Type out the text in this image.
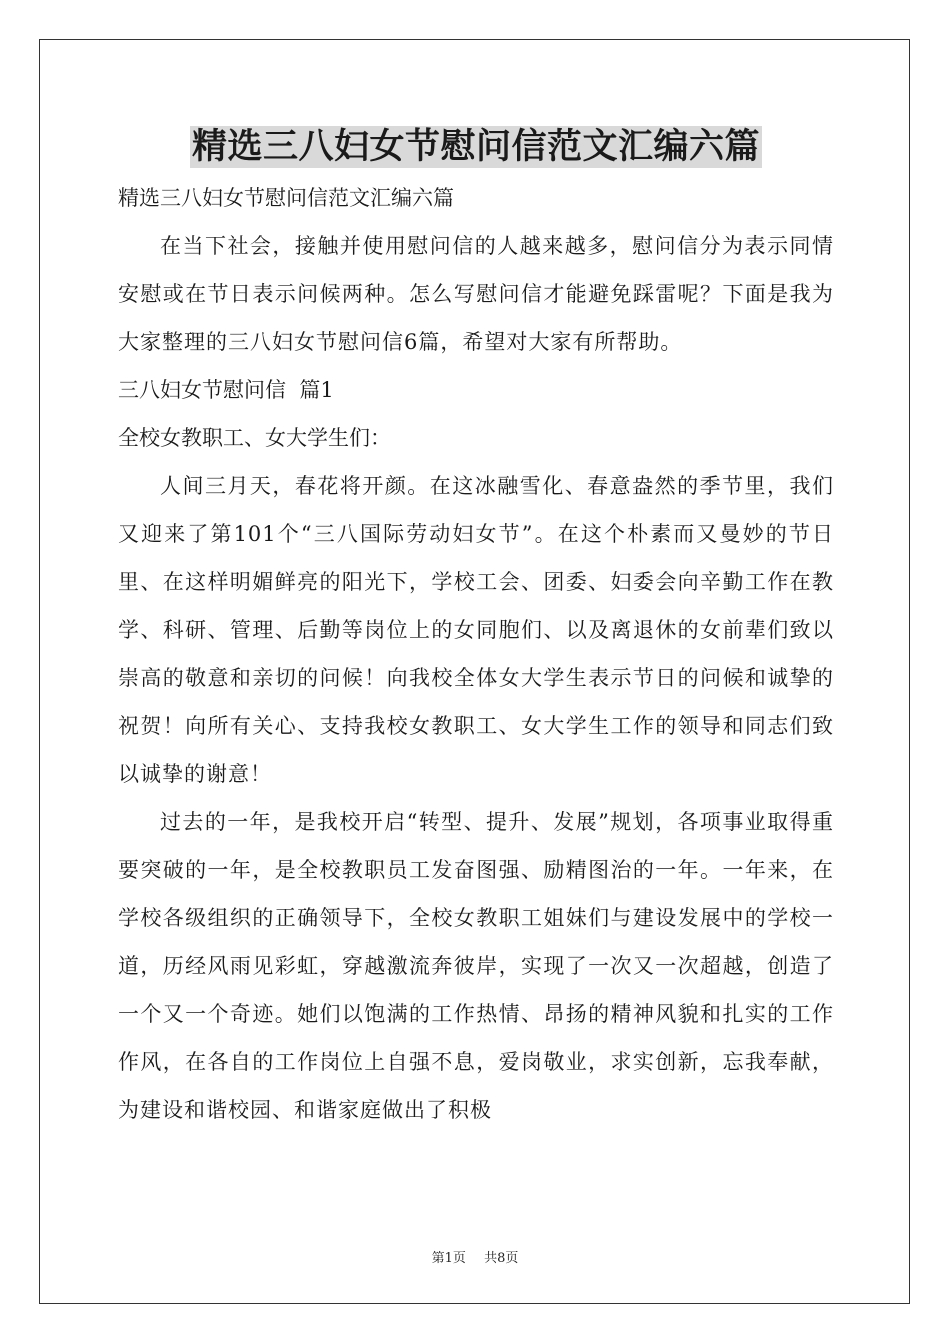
精选三八妇女节慰问信范文汇编六篇

精选三八妇女节慰问信范文汇编六篇

在当下社会，接触并使用慰问信的人越来越多，慰问信分为表示同情安慰或在节日表示问候两种。怎么写慰问信才能避免踩雷呢？下面是我为大家整理的三八妇女节慰问信6篇，希望对大家有所帮助。

三八妇女节慰问信  篇1

全校女教职工、女大学生们：

人间三月天，春花将开颜。在这冰融雪化、春意盎然的季节里，我们又迎来了第101个“三八国际劳动妇女节”。在这个朴素而又曼妙的节日里、在这样明媚鲜亮的阳光下，学校工会、团委、妇委会向辛勤工作在教学、科研、管理、后勤等岗位上的女同胞们、以及离退休的女前辈们致以崇高的敬意和亲切的问候！向我校全体女大学生表示节日的问候和诚挚的祝贺！向所有关心、支持我校女教职工、女大学生工作的领导和同志们致以诚挚的谢意！

过去的一年，是我校开启“转型、提升、发展”规划，各项事业取得重要突破的一年，是全校教职员工发奋图强、励精图治的一年。一年来，在学校各级组织的正确领导下，全校女教职工姐妹们与建设发展中的学校一道，历经风雨见彩虹，穿越激流奔彼岸，实现了一次又一次超越，创造了一个又一个奇迹。她们以饱满的工作热情、昂扬的精神风貌和扎实的工作作风，在各自的工作岗位上自强不息，爱岗敬业，求实创新，忘我奉献，为建设和谐校园、和谐家庭做出了积极

第1页 共8页
